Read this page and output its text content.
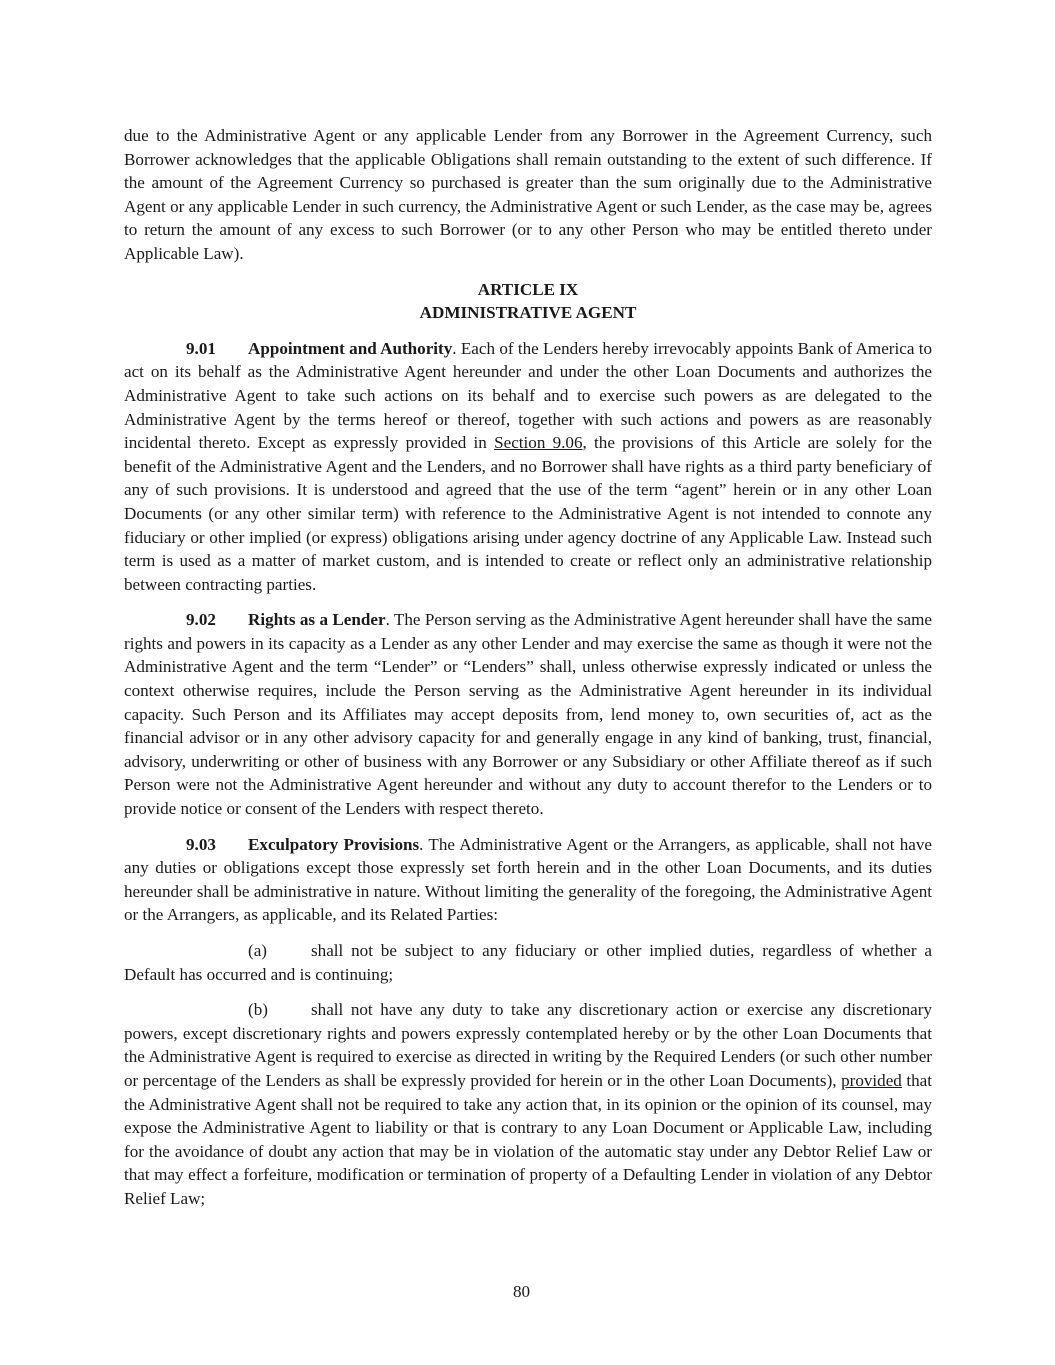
due to the Administrative Agent or any applicable Lender from any Borrower in the Agreement Currency, such Borrower acknowledges that the applicable Obligations shall remain outstanding to the extent of such difference. If the amount of the Agreement Currency so purchased is greater than the sum originally due to the Administrative Agent or any applicable Lender in such currency, the Administrative Agent or such Lender, as the case may be, agrees to return the amount of any excess to such Borrower (or to any other Person who may be entitled thereto under Applicable Law).

ARTICLE IX
ADMINISTRATIVE AGENT

9.01 Appointment and Authority. Each of the Lenders hereby irrevocably appoints Bank of America to act on its behalf as the Administrative Agent hereunder and under the other Loan Documents and authorizes the Administrative Agent to take such actions on its behalf and to exercise such powers as are delegated to the Administrative Agent by the terms hereof or thereof, together with such actions and powers as are reasonably incidental thereto. Except as expressly provided in Section 9.06, the provisions of this Article are solely for the benefit of the Administrative Agent and the Lenders, and no Borrower shall have rights as a third party beneficiary of any of such provisions. It is understood and agreed that the use of the term “agent” herein or in any other Loan Documents (or any other similar term) with reference to the Administrative Agent is not intended to connote any fiduciary or other implied (or express) obligations arising under agency doctrine of any Applicable Law. Instead such term is used as a matter of market custom, and is intended to create or reflect only an administrative relationship between contracting parties.

9.02 Rights as a Lender. The Person serving as the Administrative Agent hereunder shall have the same rights and powers in its capacity as a Lender as any other Lender and may exercise the same as though it were not the Administrative Agent and the term “Lender” or “Lenders” shall, unless otherwise expressly indicated or unless the context otherwise requires, include the Person serving as the Administrative Agent hereunder in its individual capacity. Such Person and its Affiliates may accept deposits from, lend money to, own securities of, act as the financial advisor or in any other advisory capacity for and generally engage in any kind of banking, trust, financial, advisory, underwriting or other of business with any Borrower or any Subsidiary or other Affiliate thereof as if such Person were not the Administrative Agent hereunder and without any duty to account therefor to the Lenders or to provide notice or consent of the Lenders with respect thereto.

9.03 Exculpatory Provisions. The Administrative Agent or the Arrangers, as applicable, shall not have any duties or obligations except those expressly set forth herein and in the other Loan Documents, and its duties hereunder shall be administrative in nature. Without limiting the generality of the foregoing, the Administrative Agent or the Arrangers, as applicable, and its Related Parties:

(a)	shall not be subject to any fiduciary or other implied duties, regardless of whether a Default has occurred and is continuing;

(b)	shall not have any duty to take any discretionary action or exercise any discretionary powers, except discretionary rights and powers expressly contemplated hereby or by the other Loan Documents that the Administrative Agent is required to exercise as directed in writing by the Required Lenders (or such other number or percentage of the Lenders as shall be expressly provided for herein or in the other Loan Documents), provided that the Administrative Agent shall not be required to take any action that, in its opinion or the opinion of its counsel, may expose the Administrative Agent to liability or that is contrary to any Loan Document or Applicable Law, including for the avoidance of doubt any action that may be in violation of the automatic stay under any Debtor Relief Law or that may effect a forfeiture, modification or termination of property of a Defaulting Lender in violation of any Debtor Relief Law;

80
